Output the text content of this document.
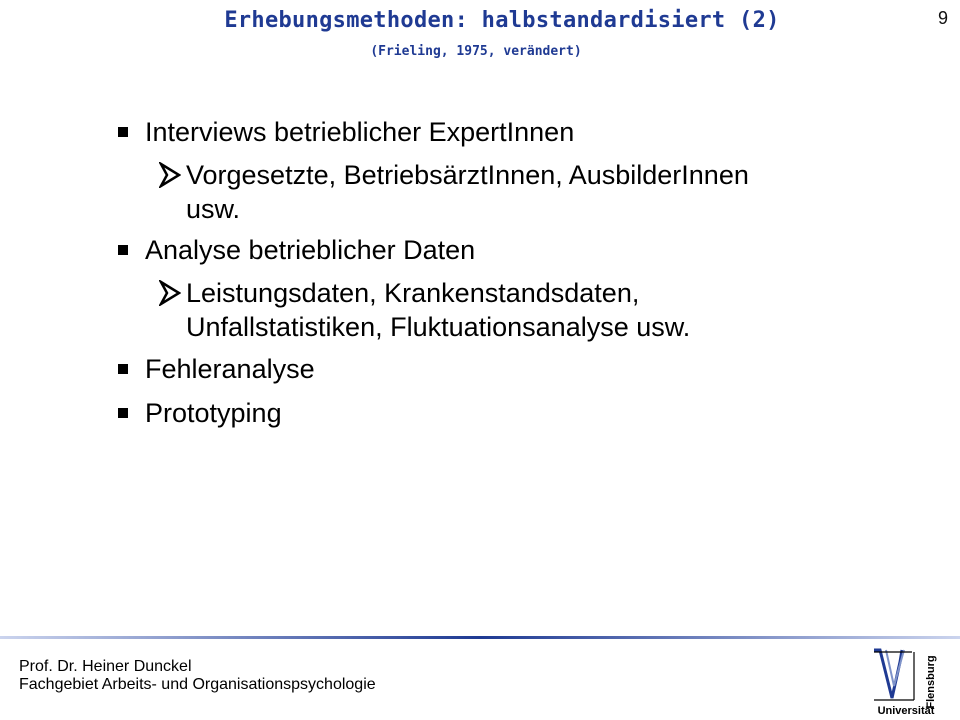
Erhebungsmethoden: halbstandardisiert (2)
(Frieling, 1975, verändert)
9
Interviews betrieblicher ExpertInnen
Vorgesetzte, BetriebsärztInnen, AusbilderInnen
usw.
Analyse betrieblicher Daten
Leistungsdaten, Krankenstandsdaten,
Unfallstatistiken, Fluktuationsanalyse usw.
Fehleranalyse
Prototyping
Prof. Dr. Heiner Dunckel
Fachgebiet Arbeits- und Organisationspsychologie	Flensburg
Universität
